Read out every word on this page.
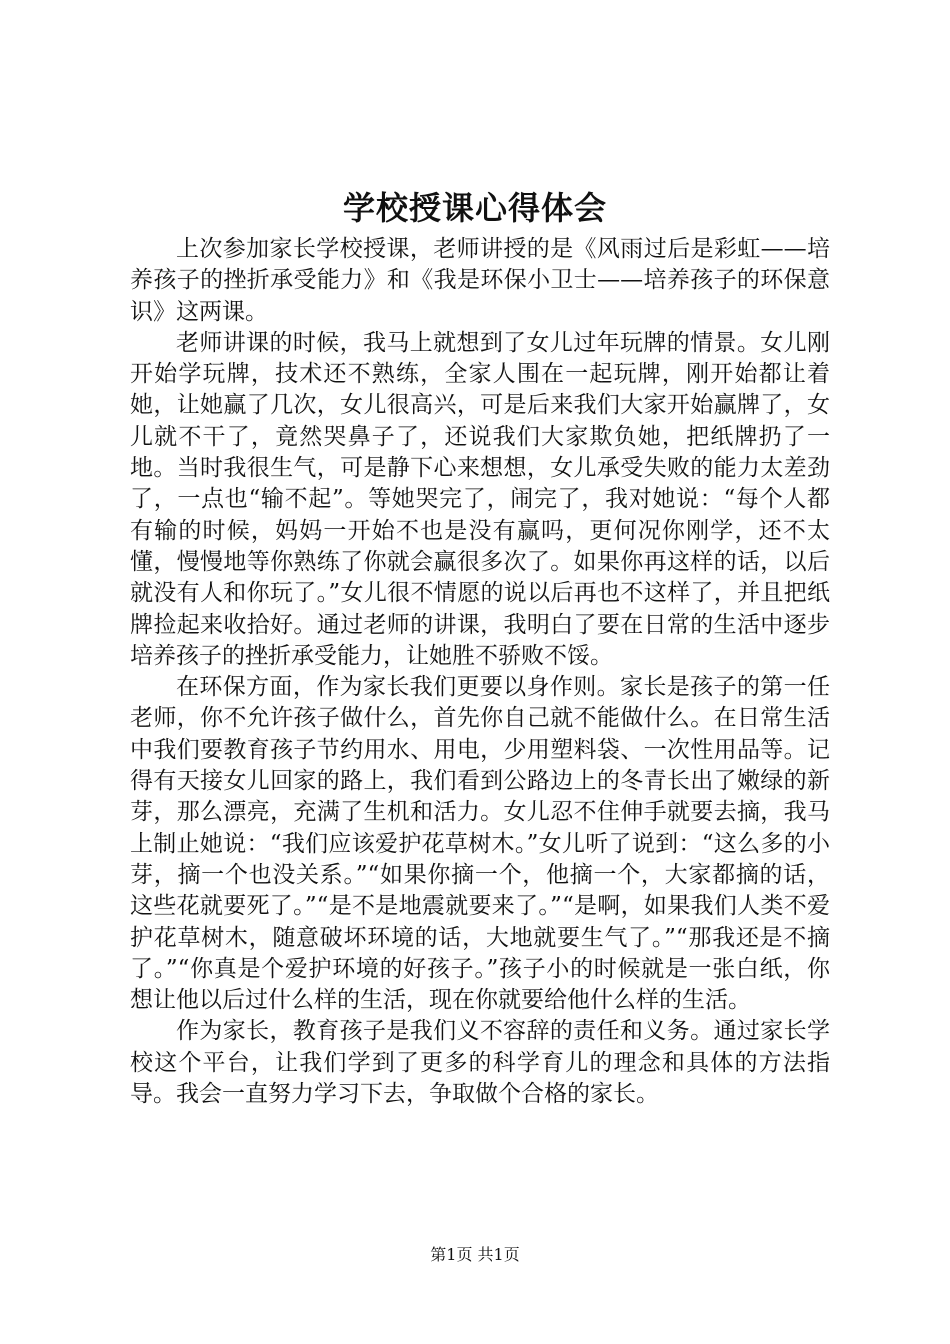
学校授课心得体会

上次参加家长学校授课，老师讲授的是《风雨过后是彩虹——培养孩子的挫折承受能力》和《我是环保小卫士——培养孩子的环保意识》这两课。

老师讲课的时候，我马上就想到了女儿过年玩牌的情景。女儿刚开始学玩牌，技术还不熟练，全家人围在一起玩牌，刚开始都让着她，让她赢了几次，女儿很高兴，可是后来我们大家开始赢牌了，女儿就不干了，竟然哭鼻子了，还说我们大家欺负她，把纸牌扔了一地。当时我很生气，可是静下心来想想，女儿承受失败的能力太差劲了，一点也“输不起”。等她哭完了，闹完了，我对她说：“每个人都有输的时候，妈妈一开始不也是没有赢吗，更何况你刚学，还不太懂，慢慢地等你熟练了你就会赢很多次了。如果你再这样的话，以后就没有人和你玩了。”女儿很不情愿的说以后再也不这样了，并且把纸牌捡起来收拾好。通过老师的讲课，我明白了要在日常的生活中逐步培养孩子的挫折承受能力，让她胜不骄败不馁。

在环保方面，作为家长我们更要以身作则。家长是孩子的第一任老师，你不允许孩子做什么，首先你自己就不能做什么。在日常生活中我们要教育孩子节约用水、用电，少用塑料袋、一次性用品等。记得有天接女儿回家的路上，我们看到公路边上的冬青长出了嫩绿的新芽，那么漂亮，充满了生机和活力。女儿忍不住伸手就要去摘，我马上制止她说：“我们应该爱护花草树木。”女儿听了说到：“这么多的小芽，摘一个也没关系。”“如果你摘一个，他摘一个，大家都摘的话，这些花就要死了。”“是不是地震就要来了。”“是啊，如果我们人类不爱护花草树木，随意破坏环境的话，大地就要生气了。”“那我还是不摘了。”“你真是个爱护环境的好孩子。”孩子小的时候就是一张白纸，你想让他以后过什么样的生活，现在你就要给他什么样的生活。

作为家长，教育孩子是我们义不容辞的责任和义务。通过家长学校这个平台，让我们学到了更多的科学育儿的理念和具体的方法指导。我会一直努力学习下去，争取做个合格的家长。

第1页 共1页
